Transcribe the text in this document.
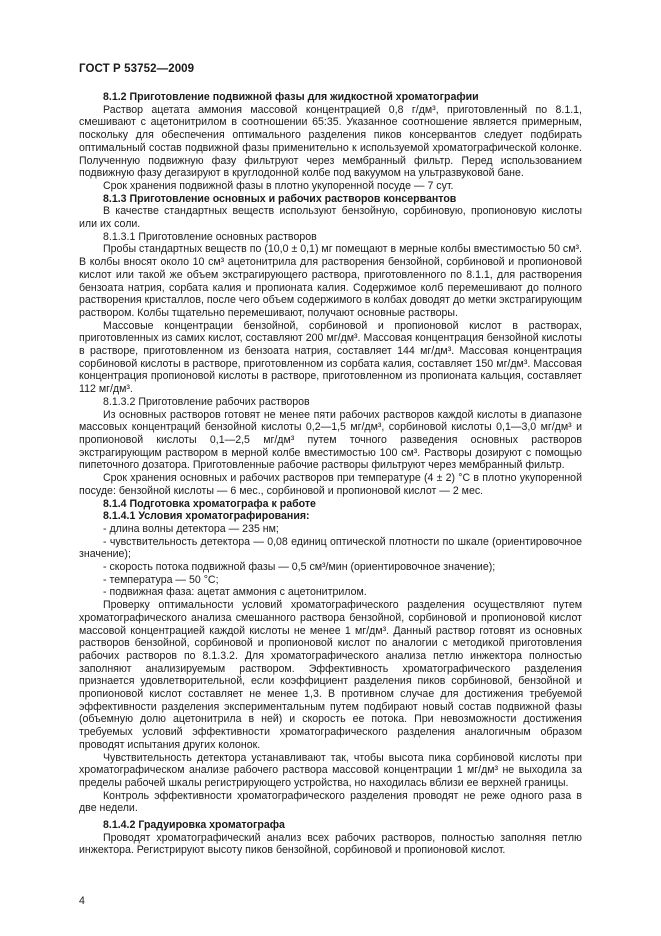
ГОСТ Р 53752—2009

8.1.2 Приготовление подвижной фазы для жидкостной хроматографии

Раствор ацетата аммония массовой концентрацией 0,8 г/дм³, приготовленный по 8.1.1, смешивают с ацетонитрилом в соотношении 65:35. Указанное соотношение является примерным, поскольку для обеспечения оптимального разделения пиков консервантов следует подбирать оптимальный состав подвижной фазы применительно к используемой хроматографической колонке. Полученную подвижную фазу фильтруют через мембранный фильтр. Перед использованием подвижную фазу дегазируют в круглодонной колбе под вакуумом на ультразвуковой бане.

Срок хранения подвижной фазы в плотно укупоренной посуде — 7 сут.

8.1.3 Приготовление основных и рабочих растворов консервантов

В качестве стандартных веществ используют бензойную, сорбиновую, пропионовую кислоты или их соли.

8.1.3.1 Приготовление основных растворов

Пробы стандартных веществ по (10,0 ± 0,1) мг помещают в мерные колбы вместимостью 50 см³. В колбы вносят около 10 см³ ацетонитрила для растворения бензойной, сорбиновой и пропионовой кислот или такой же объем экстрагирующего раствора, приготовленного по 8.1.1, для растворения бензоата натрия, сорбата калия и пропионата калия. Содержимое колб перемешивают до полного растворения кристаллов, после чего объем содержимого в колбах доводят до метки экстрагирующим раствором. Колбы тщательно перемешивают, получают основные растворы.

Массовые концентрации бензойной, сорбиновой и пропионовой кислот в растворах, приготовленных из самих кислот, составляют 200 мг/дм³. Массовая концентрация бензойной кислоты в растворе, приготовленном из бензоата натрия, составляет 144 мг/дм³. Массовая концентрация сорбиновой кислоты в растворе, приготовленном из сорбата калия, составляет 150 мг/дм³. Массовая концентрация пропионовой кислоты в растворе, приготовленном из пропионата кальция, составляет 112 мг/дм³.

8.1.3.2 Приготовление рабочих растворов

Из основных растворов готовят не менее пяти рабочих растворов каждой кислоты в диапазоне массовых концентраций бензойной кислоты 0,2—1,5 мг/дм³, сорбиновой кислоты 0,1—3,0 мг/дм³ и пропионовой кислоты 0,1—2,5 мг/дм³ путем точного разведения основных растворов экстрагирующим раствором в мерной колбе вместимостью 100 см³. Растворы дозируют с помощью пипеточного дозатора. Приготовленные рабочие растворы фильтруют через мембранный фильтр.

Срок хранения основных и рабочих растворов при температуре (4 ± 2) °С в плотно укупоренной посуде: бензойной кислоты — 6 мес., сорбиновой и пропионовой кислот — 2 мес.

8.1.4 Подготовка хроматографа к работе

8.1.4.1 Условия хроматографирования:

- длина волны детектора — 235 нм;

- чувствительность детектора — 0,08 единиц оптической плотности по шкале (ориентировочное значение);

- скорость потока подвижной фазы — 0,5 см³/мин (ориентировочное значение);

- температура — 50 °С;

- подвижная фаза: ацетат аммония с ацетонитрилом.

Проверку оптимальности условий хроматографического разделения осуществляют путем хроматографического анализа смешанного раствора бензойной, сорбиновой и пропионовой кислот массовой концентрацией каждой кислоты не менее 1 мг/дм³. Данный раствор готовят из основных растворов бензойной, сорбиновой и пропионовой кислот по аналогии с методикой приготовления рабочих растворов по 8.1.3.2. Для хроматографического анализа петлю инжектора полностью заполняют анализируемым раствором. Эффективность хроматографического разделения признается удовлетворительной, если коэффициент разделения пиков сорбиновой, бензойной и пропионовой кислот составляет не менее 1,3. В противном случае для достижения требуемой эффективности разделения экспериментальным путем подбирают новый состав подвижной фазы (объемную долю ацетонитрила в ней) и скорость ее потока. При невозможности достижения требуемых условий эффективности хроматографического разделения аналогичным образом проводят испытания других колонок.

Чувствительность детектора устанавливают так, чтобы высота пика сорбиновой кислоты при хроматографическом анализе рабочего раствора массовой концентрации 1 мг/дм³ не выходила за пределы рабочей шкалы регистрирующего устройства, но находилась вблизи ее верхней границы.

Контроль эффективности хроматографического разделения проводят не реже одного раза в две недели.

8.1.4.2 Градуировка хроматографа

Проводят хроматографический анализ всех рабочих растворов, полностью заполняя петлю инжектора. Регистрируют высоту пиков бензойной, сорбиновой и пропионовой кислот.

4
